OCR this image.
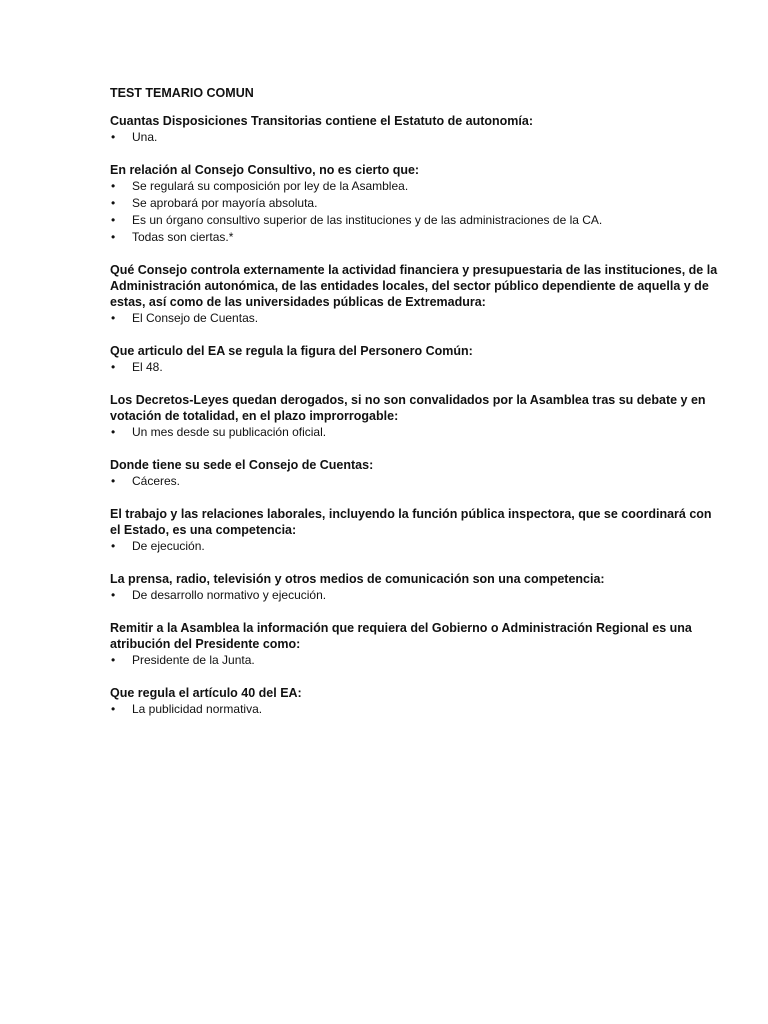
TEST TEMARIO COMUN
Cuantas Disposiciones Transitorias contiene el Estatuto de autonomía:
• Una.
En relación al Consejo Consultivo, no es cierto que:
• Se regulará su composición por ley de la Asamblea.
• Se aprobará por mayoría absoluta.
• Es un órgano consultivo superior de las instituciones y de las administraciones de la CA.
• Todas son ciertas.*
Qué Consejo controla externamente la actividad financiera y presupuestaria de las instituciones, de la Administración autonómica, de las entidades locales, del sector público dependiente de aquella y de estas, así como de las universidades públicas de Extremadura:
• El Consejo de Cuentas.
Que articulo del EA se regula la figura del Personero Común:
• El 48.
Los Decretos-Leyes quedan derogados, si no son convalidados por la Asamblea tras su debate y en votación de totalidad, en el plazo improrrogable:
• Un mes desde su publicación oficial.
Donde tiene su sede el Consejo de Cuentas:
• Cáceres.
El trabajo y las relaciones laborales, incluyendo la función pública inspectora, que se coordinará con el Estado, es una competencia:
• De ejecución.
La prensa, radio, televisión y otros medios de comunicación son una competencia:
• De desarrollo normativo y ejecución.
Remitir a la Asamblea la información que requiera del Gobierno o Administración Regional es una atribución del Presidente como:
• Presidente de la Junta.
Que regula el artículo 40 del EA:
• La publicidad normativa.
